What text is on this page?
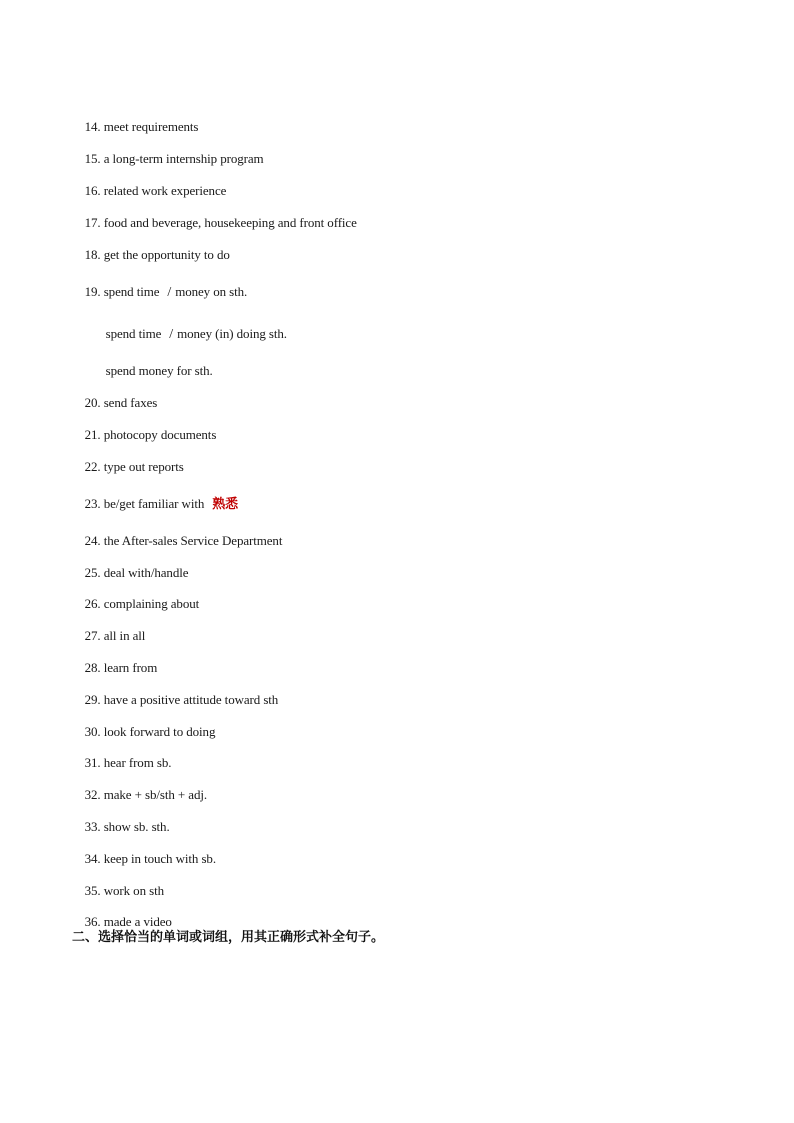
14. meet requirements

15. a long-term internship program

16. related work experience

17. food and beverage, housekeeping and front office

18. get the opportunity to do

19. spend time / money on sth.

spend time / money (in) doing sth.

spend money for sth.

20. send faxes

21. photocopy documents

22. type out reports

23. be/get familiar with 熟悉

24. the After-sales Service Department

25. deal with/handle

26. complaining about

27. all in all

28. learn from

29. have a positive attitude toward sth

30. look forward to doing

31. hear from sb.

32. make + sb/sth + adj.

33. show sb. sth.

34. keep in touch with sb.

35. work on sth

36. made a video

二、选择恰当的单词或词组，用其正确形式补全句子。
